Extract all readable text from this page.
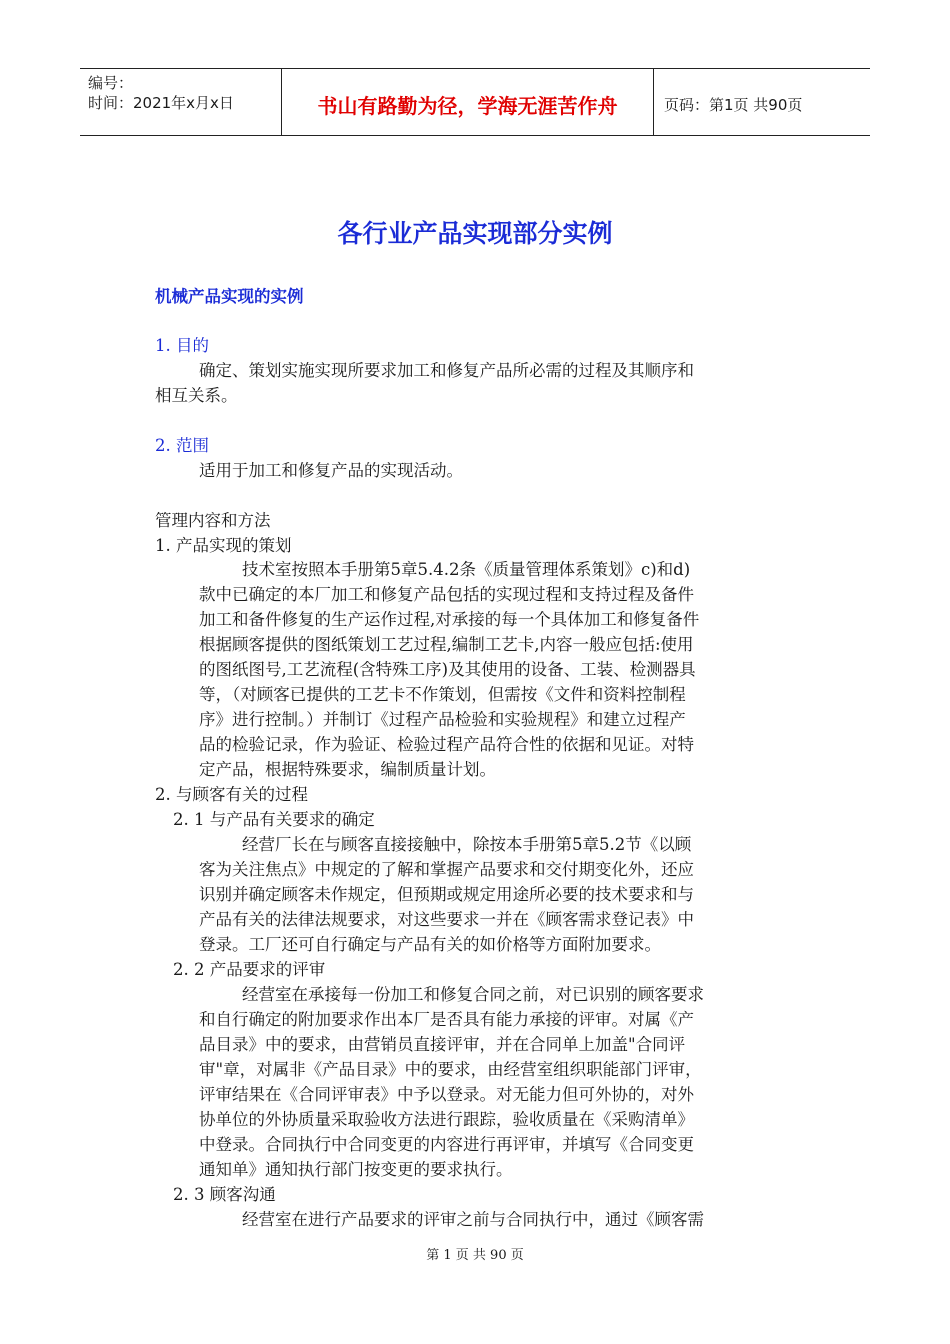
编号：
时间：2021年x月x日	书山有路勤为径，学海无涯苦作舟	页码：第1页 共90页
各行业产品实现部分实例
机械产品实现的实例
1. 目的
确定、策划实施实现所要求加工和修复产品所必需的过程及其顺序和
相互关系。
2. 范围
适用于加工和修复产品的实现活动。
管理内容和方法
1. 产品实现的策划
技术室按照本手册第5章5.4.2条《质量管理体系策划》c)和d)
款中已确定的本厂加工和修复产品包括的实现过程和支持过程及备件
加工和备件修复的生产运作过程,对承接的每一个具体加工和修复备件
根据顾客提供的图纸策划工艺过程,编制工艺卡,内容一般应包括:使用
的图纸图号,工艺流程(含特殊工序)及其使用的设备、工装、检测器具
等，（对顾客已提供的工艺卡不作策划，但需按《文件和资料控制程
序》进行控制。）并制订《过程产品检验和实验规程》和建立过程产
品的检验记录，作为验证、检验过程产品符合性的依据和见证。对特
定产品，根据特殊要求，编制质量计划。
2. 与顾客有关的过程
2. 1 与产品有关要求的确定
经营厂长在与顾客直接接触中，除按本手册第5章5.2节《以顾
客为关注焦点》中规定的了解和掌握产品要求和交付期变化外，还应
识别并确定顾客未作规定，但预期或规定用途所必要的技术要求和与
产品有关的法律法规要求，对这些要求一并在《顾客需求登记表》中
登录。工厂还可自行确定与产品有关的如价格等方面附加要求。
2. 2 产品要求的评审
经营室在承接每一份加工和修复合同之前，对已识别的顾客要求
和自行确定的附加要求作出本厂是否具有能力承接的评审。对属《产
品目录》中的要求，由营销员直接评审，并在合同单上加盖"合同评
审"章，对属非《产品目录》中的要求，由经营室组织职能部门评审，
评审结果在《合同评审表》中予以登录。对无能力但可外协的，对外
协单位的外协质量采取验收方法进行跟踪，验收质量在《采购清单》
中登录。合同执行中合同变更的内容进行再评审，并填写《合同变更
通知单》通知执行部门按变更的要求执行。
2. 3 顾客沟通
经营室在进行产品要求的评审之前与合同执行中，通过《顾客需
第 1 页 共 90 页
